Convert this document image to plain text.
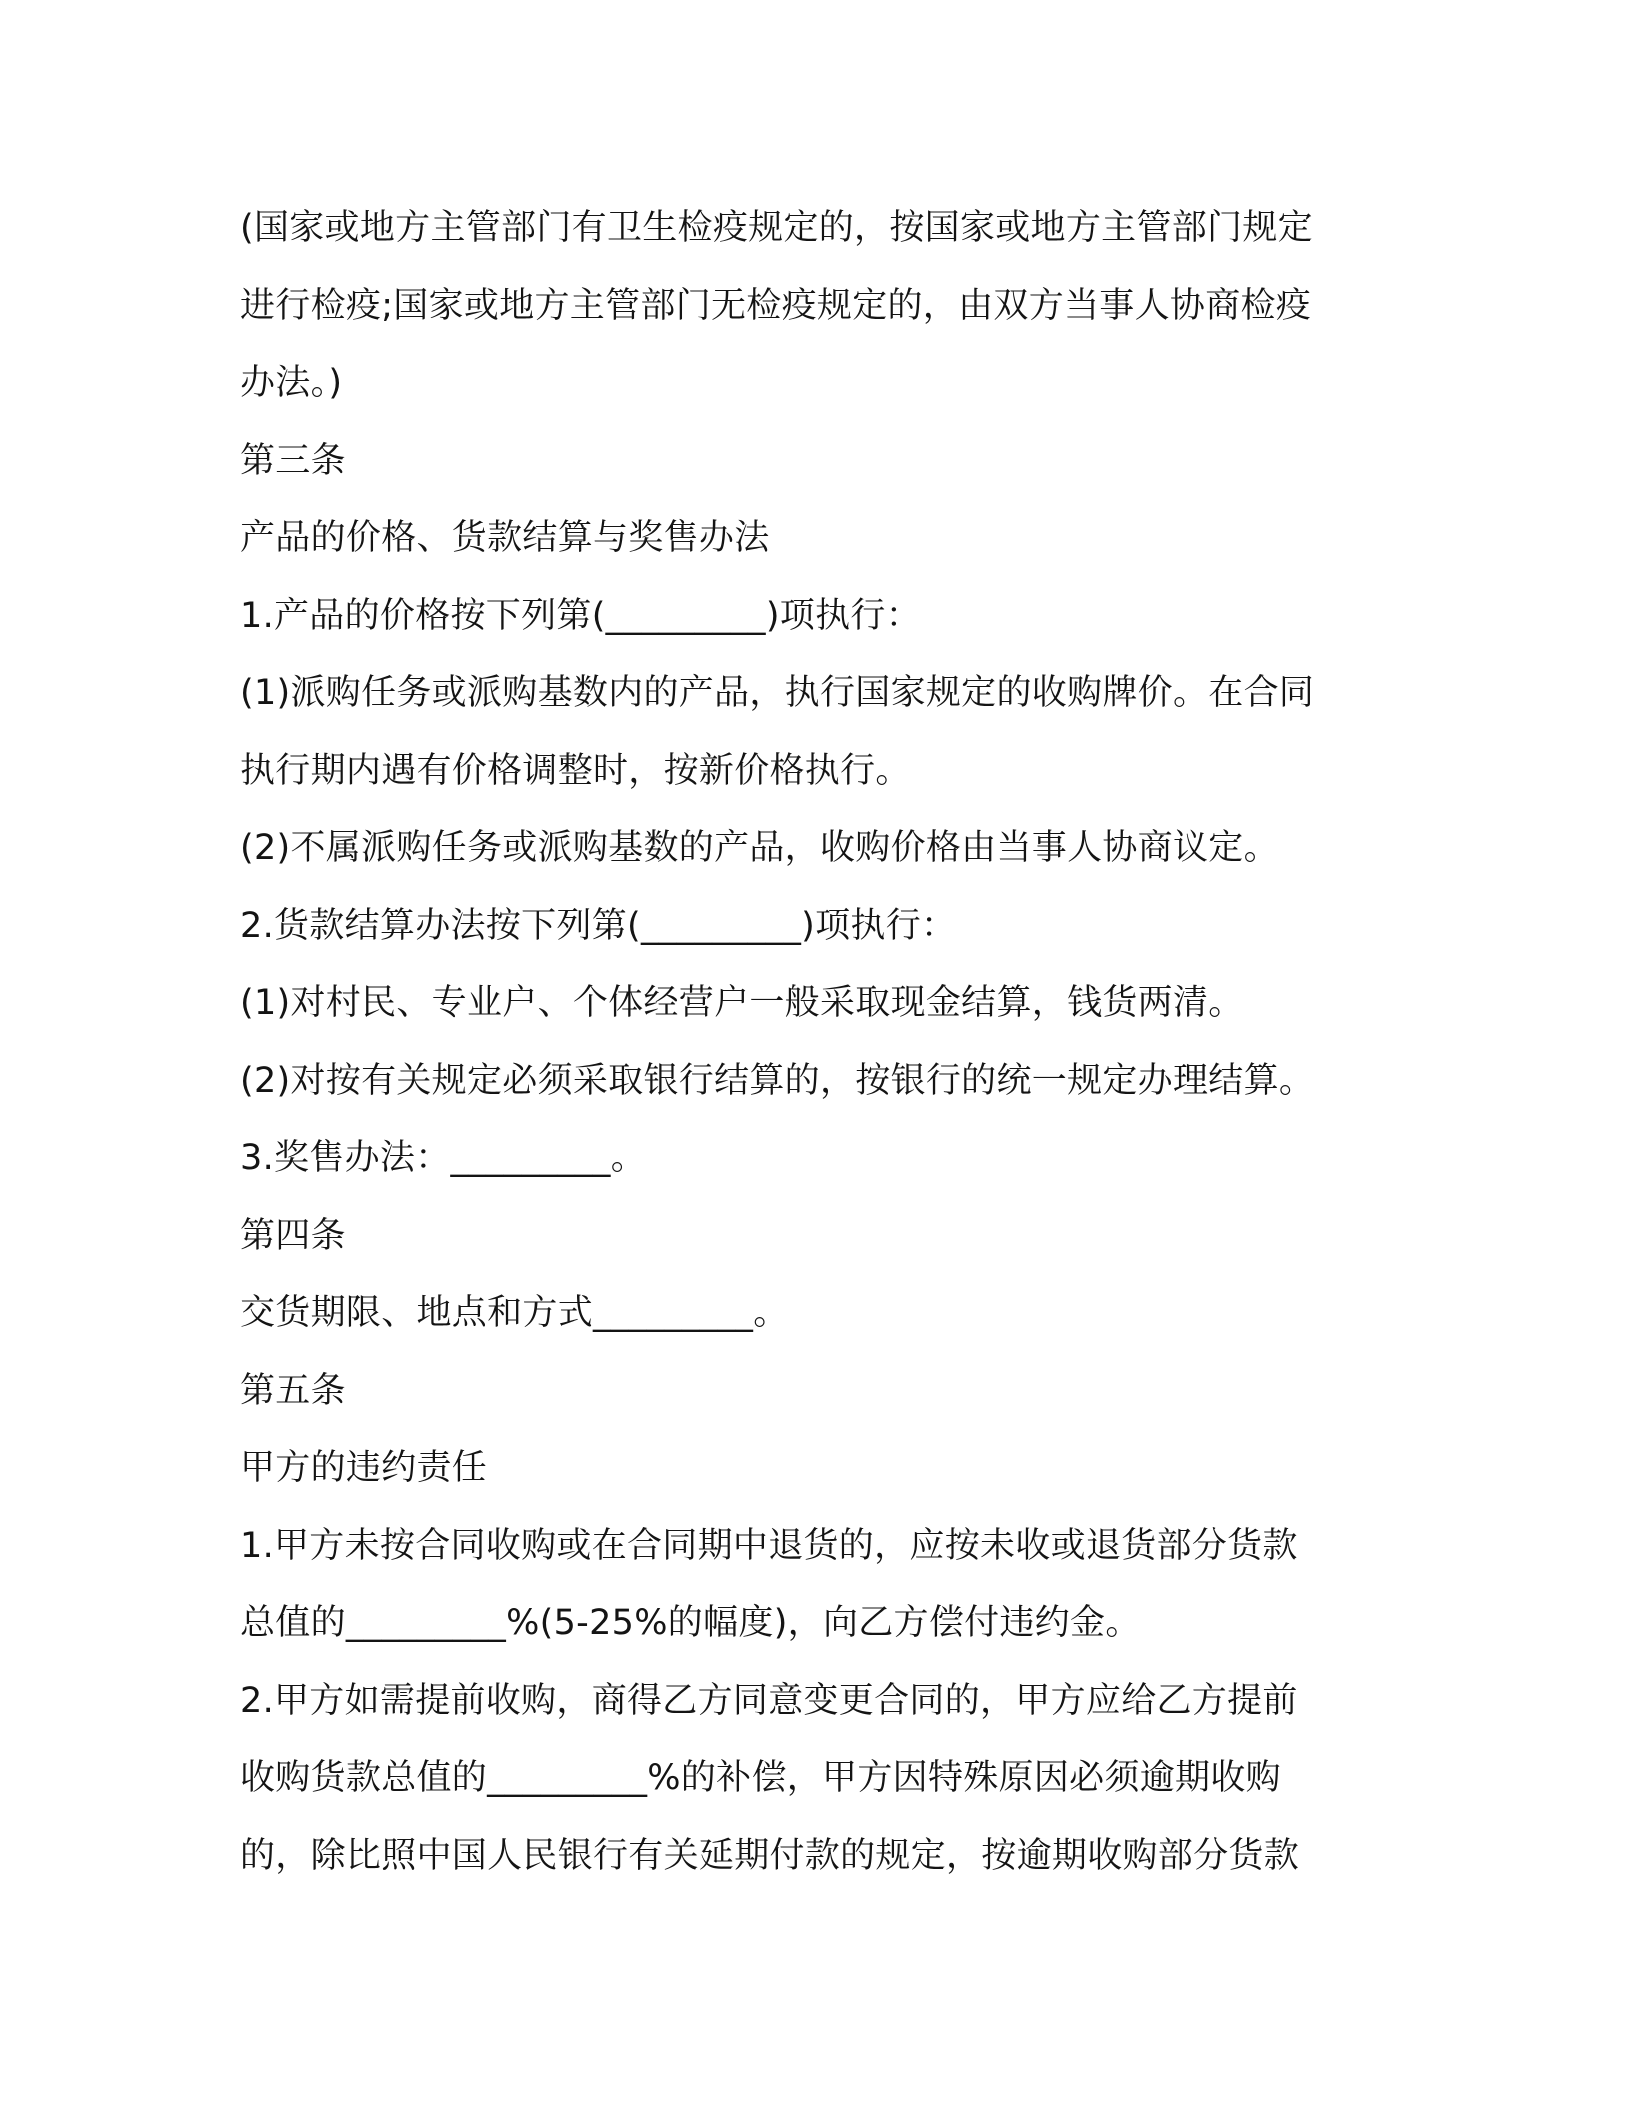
(国家或地方主管部门有卫生检疫规定的，按国家或地方主管部门规定
进行检疫;国家或地方主管部门无检疫规定的，由双方当事人协商检疫
办法。)
第三条
产品的价格、货款结算与奖售办法
1.产品的价格按下列第(_________)项执行：
(1)派购任务或派购基数内的产品，执行国家规定的收购牌价。在合同
执行期内遇有价格调整时，按新价格执行。
(2)不属派购任务或派购基数的产品，收购价格由当事人协商议定。
2.货款结算办法按下列第(_________)项执行：
(1)对村民、专业户、个体经营户一般采取现金结算，钱货两清。
(2)对按有关规定必须采取银行结算的，按银行的统一规定办理结算。
3.奖售办法：_________。
第四条
交货期限、地点和方式_________。
第五条
甲方的违约责任
1.甲方未按合同收购或在合同期中退货的，应按未收或退货部分货款
总值的_________%(5-25%的幅度)，向乙方偿付违约金。
2.甲方如需提前收购，商得乙方同意变更合同的，甲方应给乙方提前
收购货款总值的_________%的补偿，甲方因特殊原因必须逾期收购
的，除比照中国人民银行有关延期付款的规定，按逾期收购部分货款
